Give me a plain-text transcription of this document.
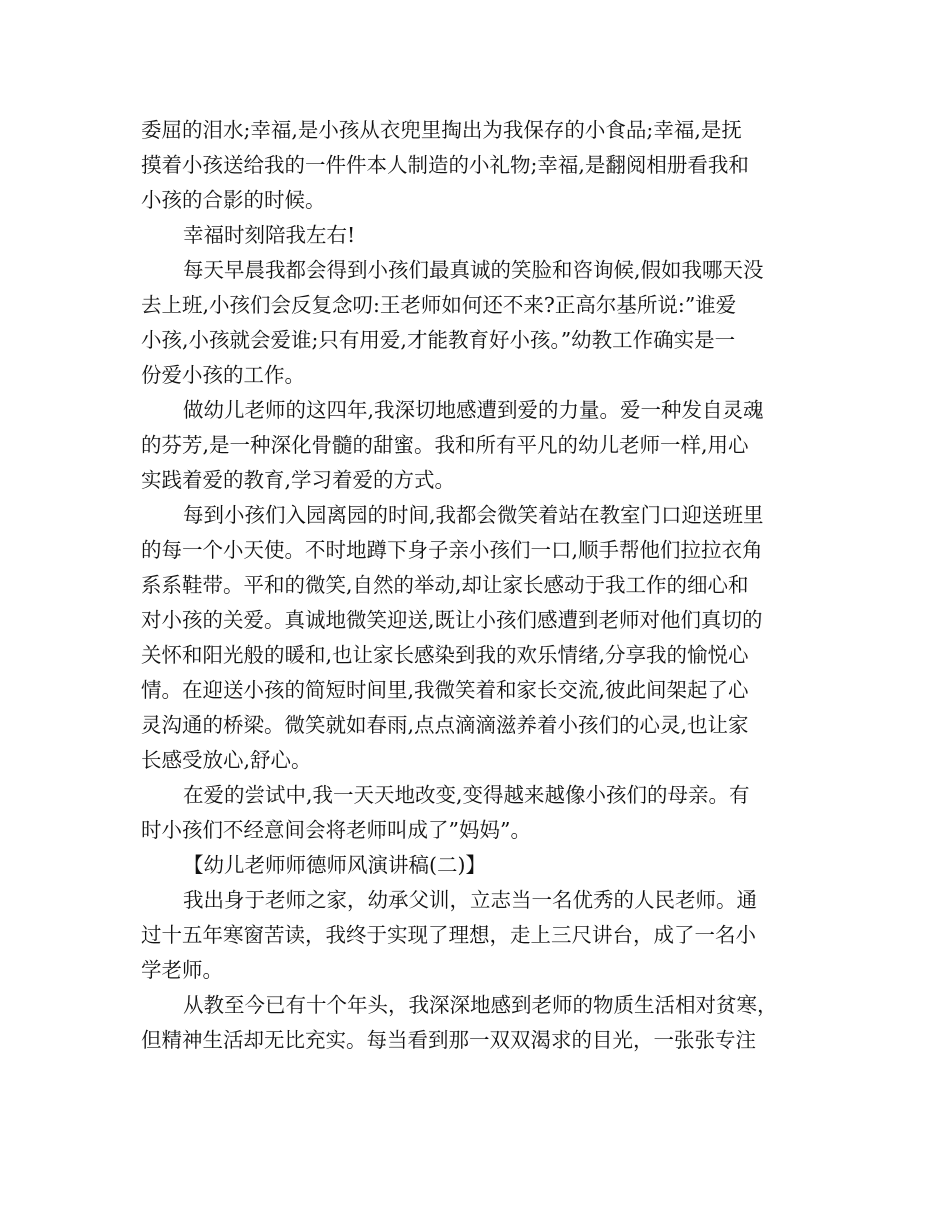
委屈的泪水;幸福,是小孩从衣兜里掏出为我保存的小食品;幸福,是抚
摸着小孩送给我的一件件本人制造的小礼物;幸福,是翻阅相册看我和
小孩的合影的时候。
幸福时刻陪我左右!
每天早晨我都会得到小孩们最真诚的笑脸和咨询候,假如我哪天没
去上班,小孩们会反复念叨:王老师如何还不来?正高尔基所说:”谁爱
小孩,小孩就会爱谁;只有用爱,才能教育好小孩。”幼教工作确实是一
份爱小孩的工作。
做幼儿老师的这四年,我深切地感遭到爱的力量。爱一种发自灵魂
的芬芳,是一种深化骨髓的甜蜜。我和所有平凡的幼儿老师一样,用心
实践着爱的教育,学习着爱的方式。
每到小孩们入园离园的时间,我都会微笑着站在教室门口迎送班里
的每一个小天使。不时地蹲下身子亲小孩们一口,顺手帮他们拉拉衣角
系系鞋带。平和的微笑,自然的举动,却让家长感动于我工作的细心和
对小孩的关爱。真诚地微笑迎送,既让小孩们感遭到老师对他们真切的
关怀和阳光般的暖和,也让家长感染到我的欢乐情绪,分享我的愉悦心
情。在迎送小孩的简短时间里,我微笑着和家长交流,彼此间架起了心
灵沟通的桥梁。微笑就如春雨,点点滴滴滋养着小孩们的心灵,也让家
长感受放心,舒心。
在爱的尝试中,我一天天地改变,变得越来越像小孩们的母亲。有
时小孩们不经意间会将老师叫成了”妈妈”。
【幼儿老师师德师风演讲稿(二)】
我出身于老师之家，幼承父训，立志当一名优秀的人民老师。通
过十五年寒窗苦读，我终于实现了理想，走上三尺讲台，成了一名小
学老师。
从教至今已有十个年头，我深深地感到老师的物质生活相对贫寒，
但精神生活却无比充实。每当看到那一双双渴求的目光，一张张专注
